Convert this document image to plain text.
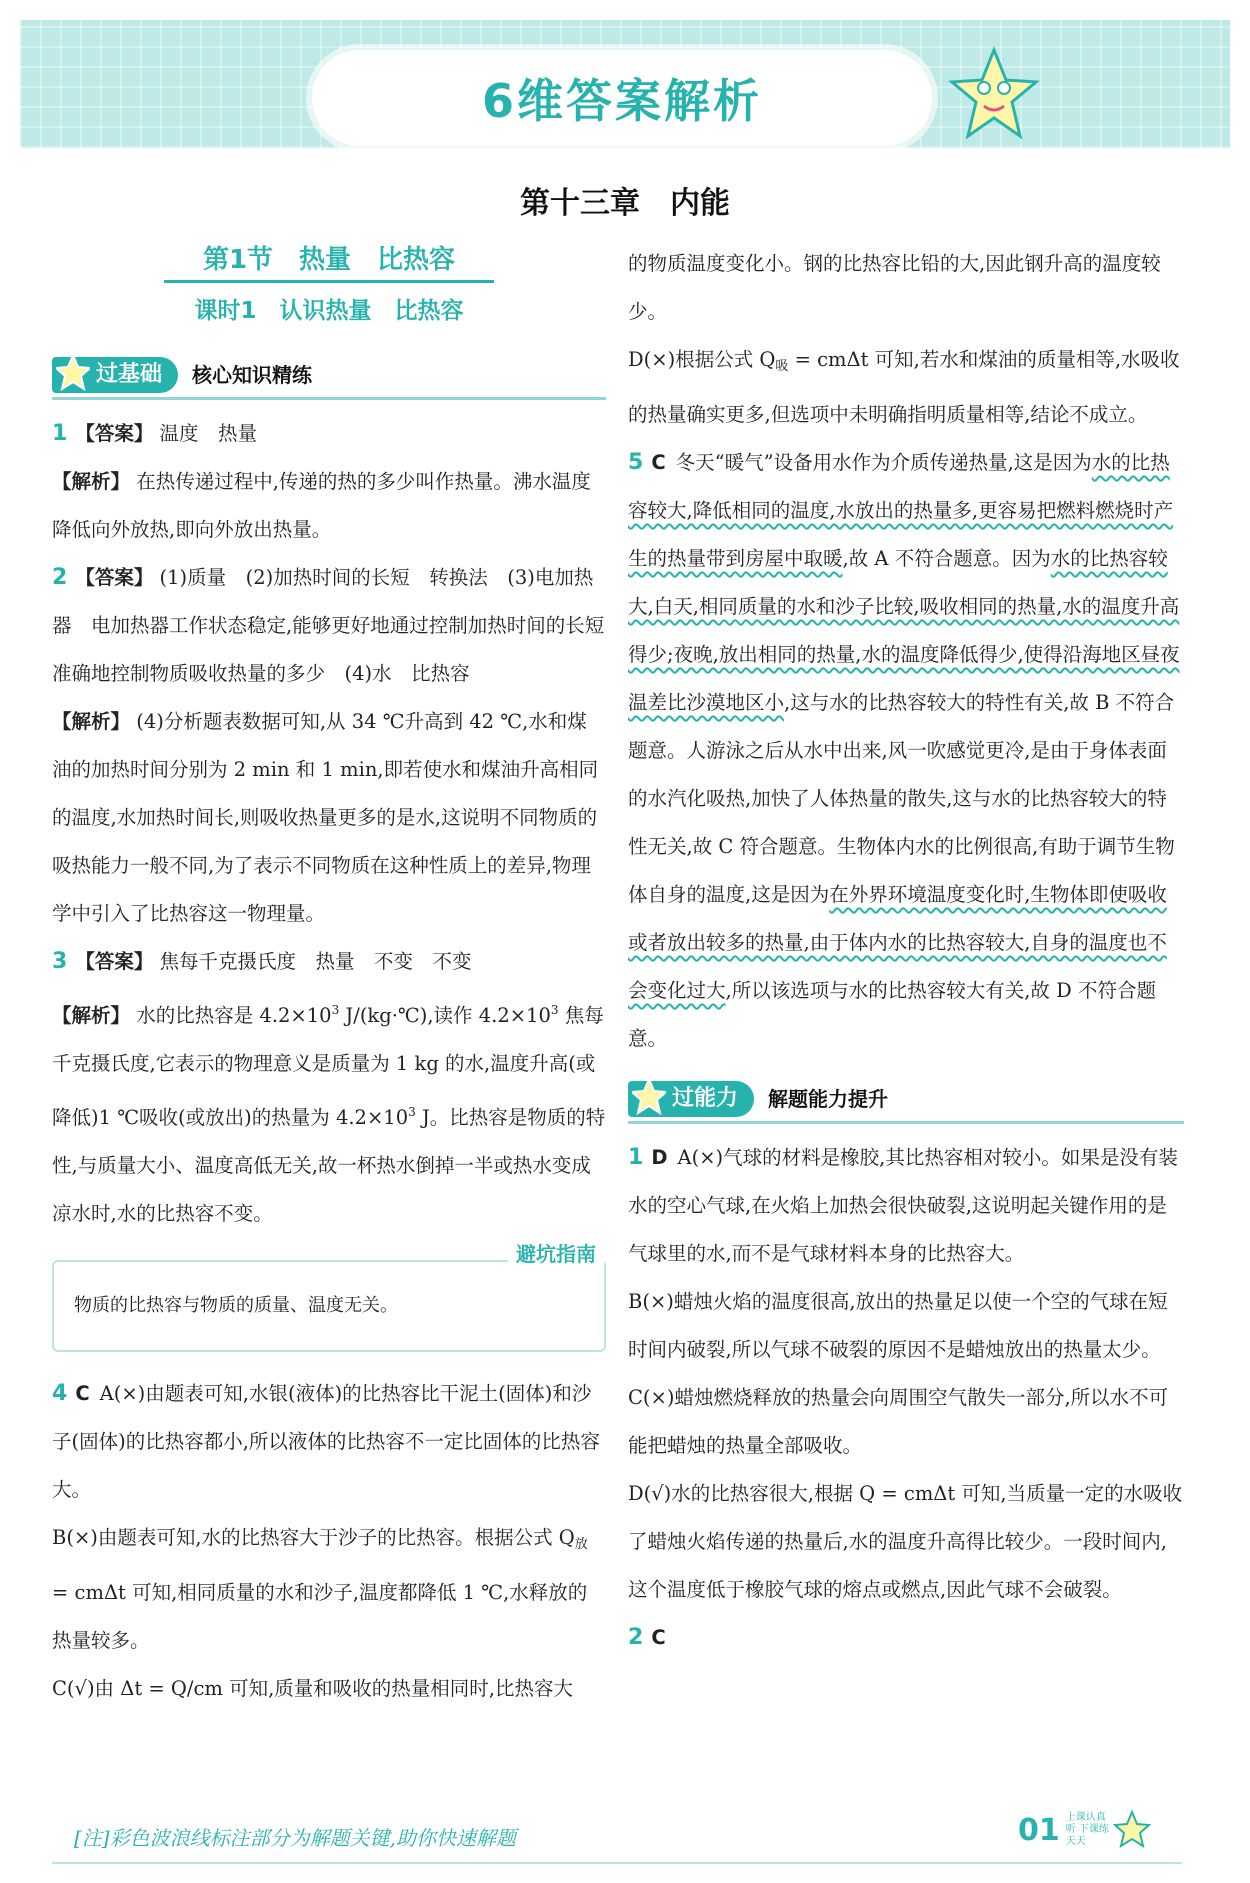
6维答案解析
第十三章　内能
第1节　热量　比热容
课时1　认识热量　比热容
过基础	核心知识精练

1 【答案】 温度　热量

【解析】 在热传递过程中,传递的热的多少叫作热量。沸水温度降低向外放热,即向外放出热量。

2 【答案】 (1)质量　(2)加热时间的长短　转换法　(3)电加热器　电加热器工作状态稳定,能够更好地通过控制加热时间的长短准确地控制物质吸收热量的多少　(4)水　比热容

【解析】 (4)分析题表数据可知,从 34 ℃升高到 42 ℃,水和煤油的加热时间分别为 2 min 和 1 min,即若使水和煤油升高相同的温度,水加热时间长,则吸收热量更多的是水,这说明不同物质的吸热能力一般不同,为了表示不同物质在这种性质上的差异,物理学中引入了比热容这一物理量。

3 【答案】 焦每千克摄氏度　热量　不变　不变

【解析】 水的比热容是 $4.2\times 10^3$ J/(kg·℃),读作 $4.2\times 10^3$ 焦每千克摄氏度,它表示的物理意义是质量为 1 kg 的水,温度升高(或降低)1 ℃吸收(或放出)的热量为 $4.2\times 10^3$ J。比热容是物质的特性,与质量大小、温度高低无关,故一杯热水倒掉一半或热水变成凉水时,水的比热容不变。

避坑指南
物质的比热容与物质的质量、温度无关。

4 C A(×)由题表可知,水银(液体)的比热容比干泥土(固体)和沙子(固体)的比热容都小,所以液体的比热容不一定比固体的比热容大。

B(×)由题表可知,水的比热容大于沙子的比热容。根据公式 $Q_放 = cm\Delta t$ 可知,相同质量的水和沙子,温度都降低 1 ℃,水释放的热量较多。

C(√)由 Δt = Q/cm 可知,质量和吸收的热量相同时,比热容大

的物质温度变化小。钢的比热容比铅的大,因此钢升高的温度较少。

D(×)根据公式 $Q_吸 = cm\Delta t$ 可知,若水和煤油的质量相等,水吸收的热量确实更多,但选项中未明确指明质量相等,结论不成立。

5 C 冬天“暖气”设备用水作为介质传递热量,这是因为水的比热容较大,降低相同的温度,水放出的热量多,更容易把燃料燃烧时产生的热量带到房屋中取暖,故 A 不符合题意。因为水的比热容较大,白天,相同质量的水和沙子比较,吸收相同的热量,水的温度升高得少;夜晚,放出相同的热量,水的温度降低得少,使得沿海地区昼夜温差比沙漠地区小,这与水的比热容较大的特性有关,故 B 不符合题意。人游泳之后从水中出来,风一吹感觉更冷,是由于身体表面的水汽化吸热,加快了人体热量的散失,这与水的比热容较大的特性无关,故 C 符合题意。生物体内水的比例很高,有助于调节生物体自身的温度,这是因为在外界环境温度变化时,生物体即使吸收或者放出较多的热量,由于体内水的比热容较大,自身的温度也不会变化过大,所以该选项与水的比热容较大有关,故 D 不符合题意。

过能力	解题能力提升

1 D A(×)气球的材料是橡胶,其比热容相对较小。如果是没有装水的空心气球,在火焰上加热会很快破裂,这说明起关键作用的是气球里的水,而不是气球材料本身的比热容大。

B(×)蜡烛火焰的温度很高,放出的热量足以使一个空的气球在短时间内破裂,所以气球不破裂的原因不是蜡烛放出的热量太少。

C(×)蜡烛燃烧释放的热量会向周围空气散失一部分,所以水不可能把蜡烛的热量全部吸收。

D(√)水的比热容很大,根据 Q = cmΔt 可知,当质量一定的水吸收了蜡烛火焰传递的热量后,水的温度升高得比较少。一段时间内,这个温度低于橡胶气球的熔点或燃点,因此气球不会破裂。

2 C

[注]彩色波浪线标注部分为解题关键,助你快速解题	01 上课认真听 下课练天天
